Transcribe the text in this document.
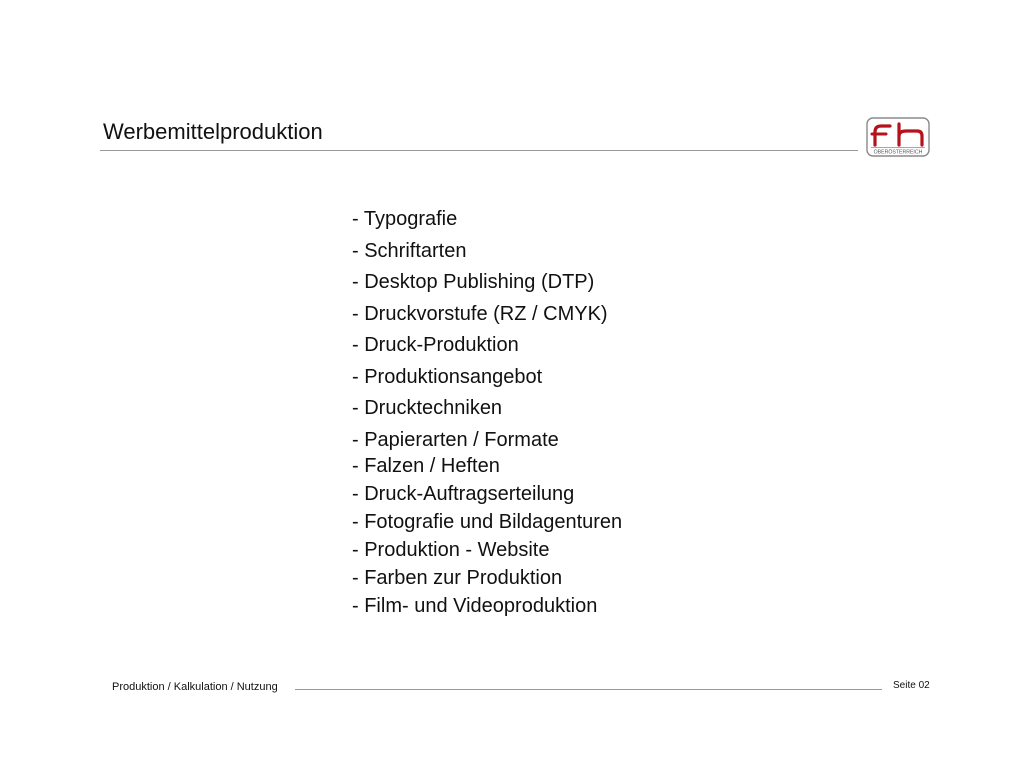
Werbemittelproduktion
OBERÖSTERREICH
- Typografie
- Schriftarten
- Desktop Publishing (DTP)
- Druckvorstufe (RZ / CMYK)
- Druck-Produktion
- Produktionsangebot
- Drucktechniken
- Papierarten / Formate
- Falzen / Heften
- Druck-Auftragserteilung
- Fotografie und Bildagenturen
- Produktion - Website
- Farben zur Produktion
- Film- und Videoproduktion
Produktion / Kalkulation / Nutzung	Seite 02
